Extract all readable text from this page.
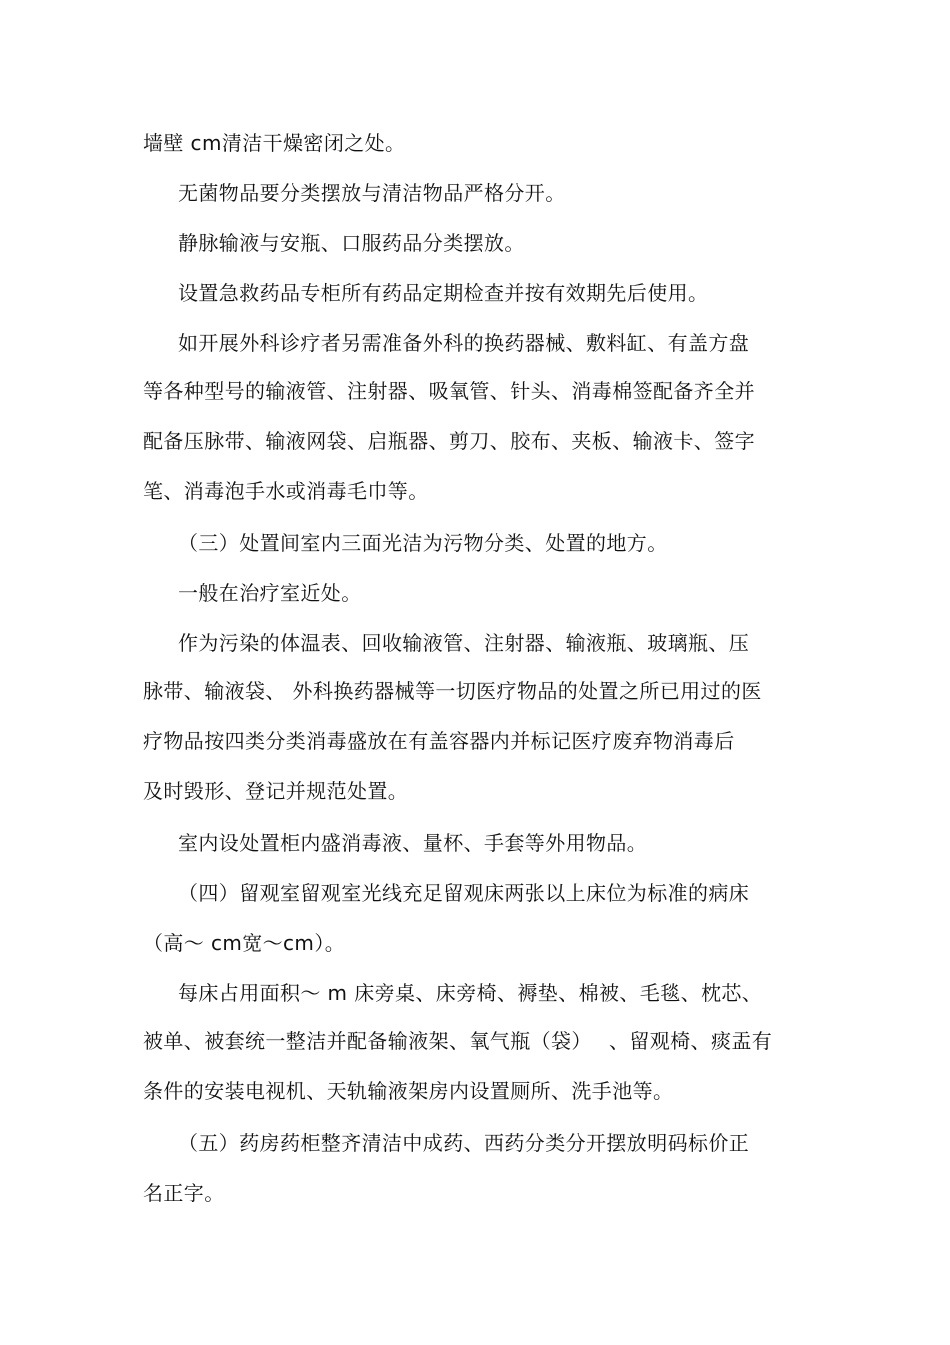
墙壁 cm清洁干燥密闭之处。
无菌物品要分类摆放与清洁物品严格分开。
静脉输液与安瓶、口服药品分类摆放。
设置急救药品专柜所有药品定期检查并按有效期先后使用。
如开展外科诊疗者另需准备外科的换药器械、敷料缸、有盖方盘
等各种型号的输液管、注射器、吸氧管、针头、消毒棉签配备齐全并
配备压脉带、输液网袋、启瓶器、剪刀、胶布、夹板、输液卡、签字
笔、消毒泡手水或消毒毛巾等。
（三）处置间室内三面光洁为污物分类、处置的地方。
一般在治疗室近处。
作为污染的体温表、回收输液管、注射器、输液瓶、玻璃瓶、压
脉带、输液袋、 外科换药器械等一切医疗物品的处置之所已用过的医
疗物品按四类分类消毒盛放在有盖容器内并标记医疗废弃物消毒后
及时毁形、登记并规范处置。
室内设处置柜内盛消毒液、量杯、手套等外用物品。
（四）留观室留观室光线充足留观床两张以上床位为标准的病床
（高～ cm宽～cm）。
每床占用面积～ m 床旁桌、床旁椅、褥垫、棉被、毛毯、枕芯、
被单、被套统一整洁并配备输液架、氧气瓶（袋）　 、留观椅、痰盂有
条件的安装电视机、天轨输液架房内设置厕所、洗手池等。
（五）药房药柜整齐清洁中成药、西药分类分开摆放明码标价正
名正字。
